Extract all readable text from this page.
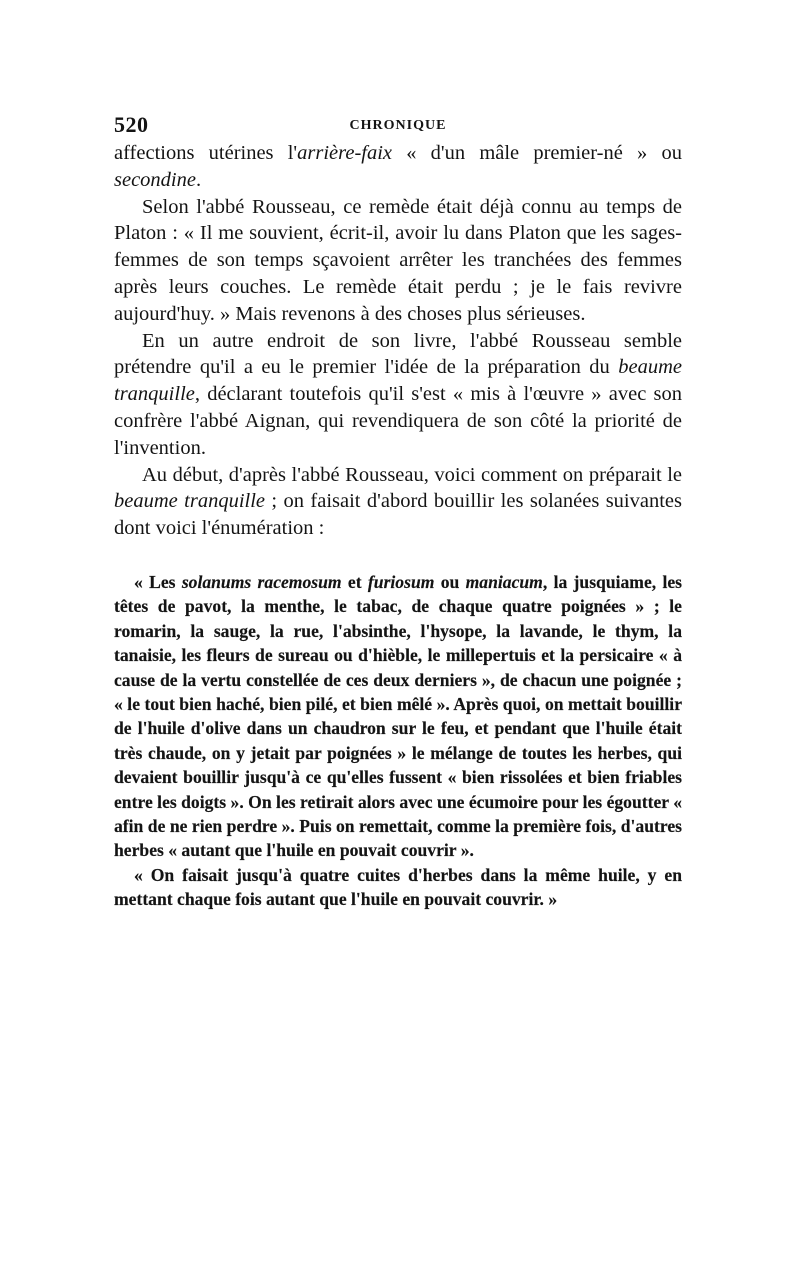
520	CHRONIQUE

affections utérines l'arrière-faix « d'un mâle premier-né » ou secondine.

Selon l'abbé Rousseau, ce remède était déjà connu au temps de Platon : « Il me souvient, écrit-il, avoir lu dans Platon que les sages-femmes de son temps sçavoient arrêter les tranchées des femmes après leurs couches. Le remède était perdu ; je le fais revivre aujourd'huy. » Mais revenons à des choses plus sérieuses.

En un autre endroit de son livre, l'abbé Rousseau semble prétendre qu'il a eu le premier l'idée de la préparation du beaume tranquille, déclarant toutefois qu'il s'est « mis à l'œuvre » avec son confrère l'abbé Aignan, qui revendiquera de son côté la priorité de l'invention.

Au début, d'après l'abbé Rousseau, voici comment on préparait le beaume tranquille ; on faisait d'abord bouillir les solanées suivantes dont voici l'énumération :

« Les solanums racemosum et furiosum ou maniacum, la jusquiame, les têtes de pavot, la menthe, le tabac, de chaque quatre poignées » ; le romarin, la sauge, la rue, l'absinthe, l'hysope, la lavande, le thym, la tanaisie, les fleurs de sureau ou d'hièble, le millepertuis et la persicaire « à cause de la vertu constellée de ces deux derniers », de chacun une poignée ; « le tout bien haché, bien pilé, et bien mêlé ». Après quoi, on mettait bouillir de l'huile d'olive dans un chaudron sur le feu, et pendant que l'huile était très chaude, on y jetait par poignées » le mélange de toutes les herbes, qui devaient bouillir jusqu'à ce qu'elles fussent « bien rissolées et bien friables entre les doigts ». On les retirait alors avec une écumoire pour les égoutter « afin de ne rien perdre ». Puis on remettait, comme la première fois, d'autres herbes « autant que l'huile en pouvait couvrir ».

« On faisait jusqu'à quatre cuites d'herbes dans la même huile, y en mettant chaque fois autant que l'huile en pouvait couvrir. »
